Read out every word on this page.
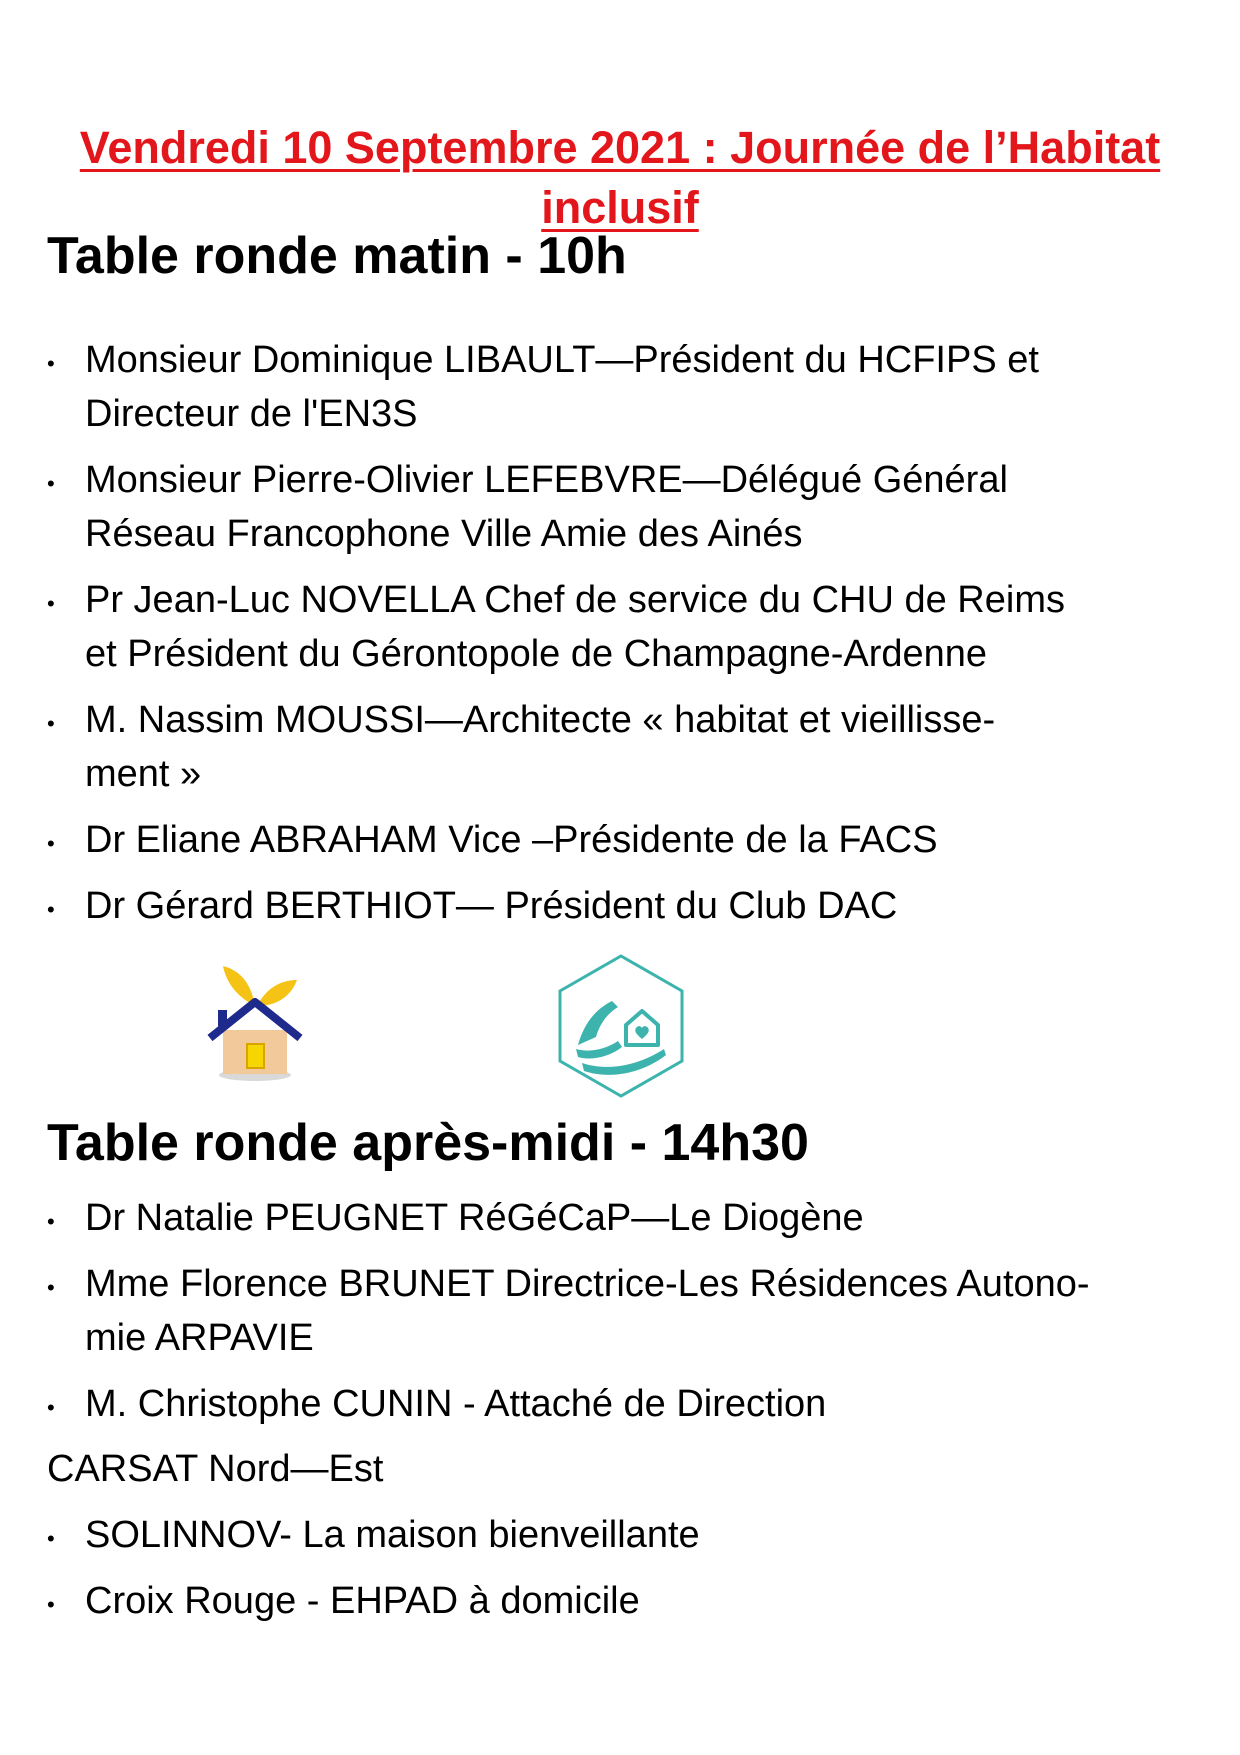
Vendredi 10 Septembre 2021 : Journée de l’Habitat
inclusif
Table ronde matin - 10h
• Monsieur Dominique LIBAULT—Président du HCFIPS et
Directeur de l'EN3S
• Monsieur Pierre-Olivier LEFEBVRE—Délégué Général
Réseau Francophone Ville Amie des Ainés
• Pr Jean-Luc NOVELLA Chef de service du CHU de Reims
et Président du Gérontopole de Champagne-Ardenne
• M. Nassim MOUSSI—Architecte « habitat et vieillisse-
ment »
• Dr Eliane ABRAHAM Vice –Présidente de la FACS
• Dr Gérard BERTHIOT— Président du Club DAC
Table ronde après-midi - 14h30
• Dr Natalie PEUGNET RéGéCaP—Le Diogène
• Mme Florence BRUNET Directrice-Les Résidences Autono-
mie ARPAVIE
• M. Christophe CUNIN - Attaché de Direction
CARSAT Nord—Est
• SOLINNOV- La maison bienveillante
• Croix Rouge - EHPAD à domicile
